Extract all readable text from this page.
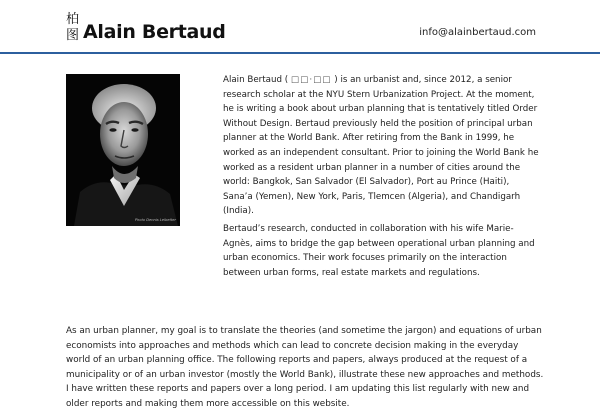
柏
图 Alain Bertaud	info@alainbertaud.com
Photo Dennis Leibetter

Alain Bertaud ( □□·□□ ) is an urbanist and, since 2012, a senior research scholar at the NYU Stern Urbanization Project. At the moment, he is writing a book about urban planning that is tentatively titled Order Without Design. Bertaud previously held the position of principal urban planner at the World Bank. After retiring from the Bank in 1999, he worked as an independent consultant. Prior to joining the World Bank he worked as a resident urban planner in a number of cities around the world: Bangkok, San Salvador (El Salvador), Port au Prince (Haiti), Sana’a (Yemen), New York, Paris, Tlemcen (Algeria), and Chandigarh (India).

Bertaud’s research, conducted in collaboration with his wife Marie-Agnès, aims to bridge the gap between operational urban planning and urban economics. Their work focuses primarily on the interaction between urban forms, real estate markets and regulations.

As an urban planner, my goal is to translate the theories (and sometime the jargon) and equations of urban economists into approaches and methods which can lead to concrete decision making in the everyday world of an urban planning office. The following reports and papers, always produced at the request of a municipality or of an urban investor (mostly the World Bank), illustrate these new approaches and methods. I have written these reports and papers over a long period. I am updating this list regularly with new and older reports and making them more accessible on this website.
